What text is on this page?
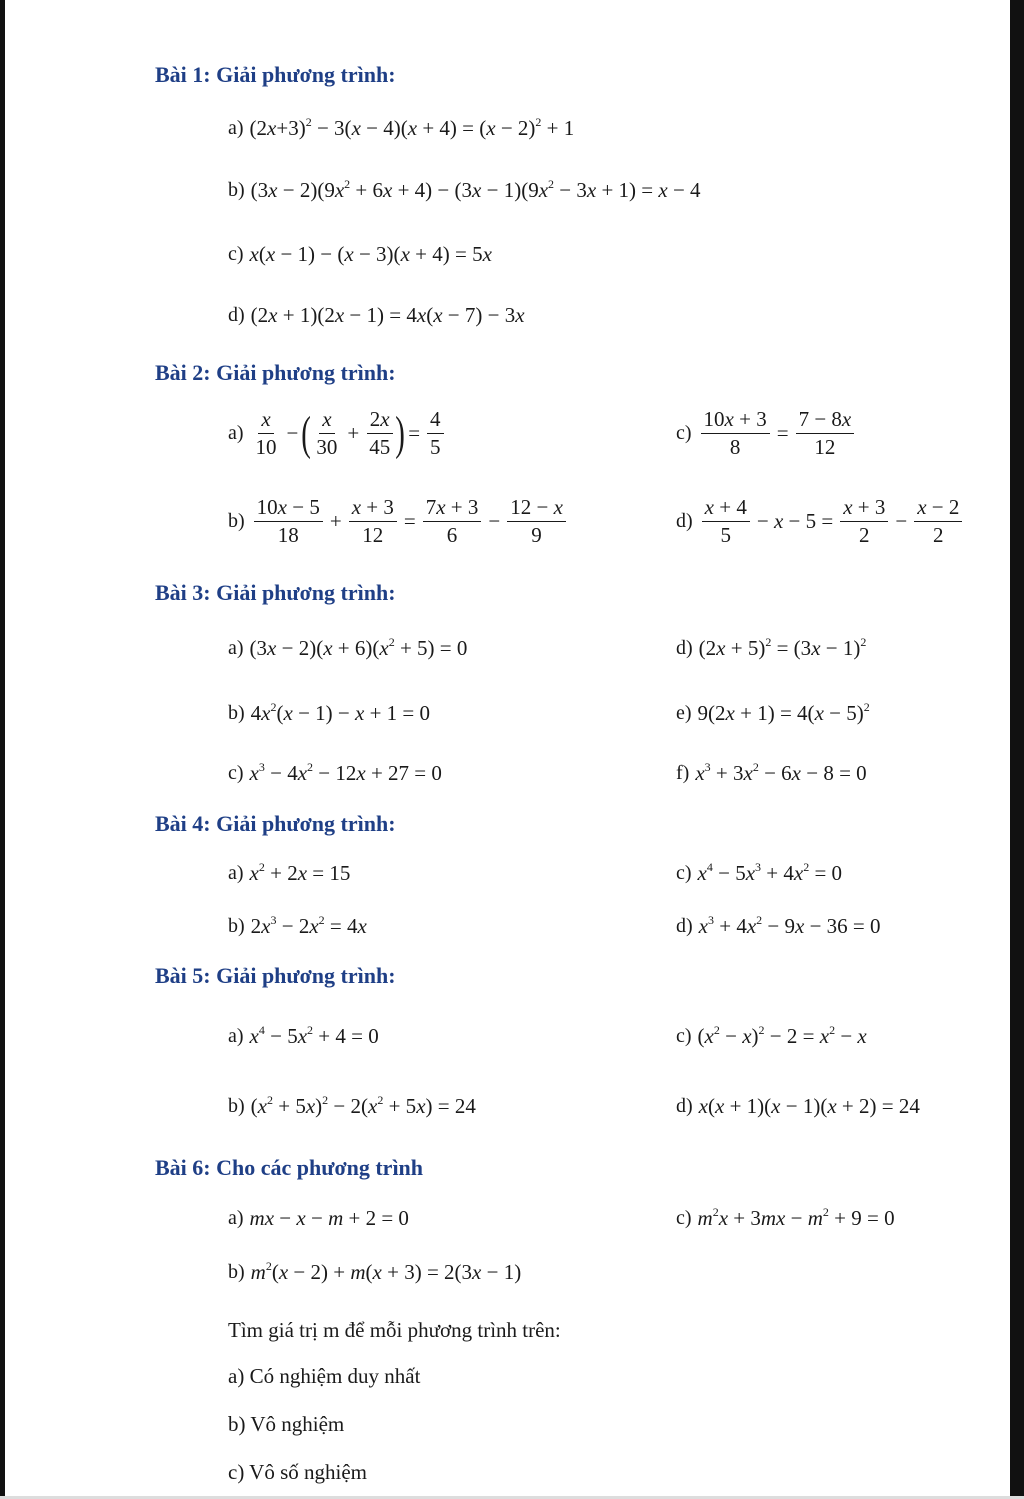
Bài 1: Giải phương trình:
a) $(2x+3)^2 - 3(x - 4)(x + 4) = (x - 2)^2 + 1$
b) $(3x - 2)(9x^2 + 6x + 4) - (3x - 1)(9x^2 - 3x + 1) = x - 4$
c) x(x − 1) − (x − 3)(x + 4) = 5x
d) (2x + 1)(2x − 1) = 4x(x − 7) − 3x
Bài 2: Giải phương trình:
$a) \frac{x}{10}$ − ( $\frac{x}{30} + \frac{2x}{45}$ ) = $\frac{4}{5}$	$c) \frac{10x + 3}{8} = \frac{7 - 8x}{12}$
$b) \frac{10x - 5}{18} + \frac{x + 3}{12} = \frac{7x + 3}{6} - \frac{12 - x}{9}$	$d) \frac{x + 4}{5} - x - 5 = \frac{x + 3}{2} - \frac{x - 2}{2}$
Bài 3: Giải phương trình:
a) $(3x - 2)(x + 6)(x^2 + 5) = 0$	d) $(2x + 5)^2 = (3x - 1)^2$
b) $4x^2(x - 1) - x + 1 = 0$	e) $9(2x + 1) = 4(x - 5)^2$
c) $x^3 - 4x^2 - 12x + 27 = 0$	f) $x^3 + 3x^2 - 6x - 8 = 0$
Bài 4: Giải phương trình:
a) $x^2 + 2x = 15$	c) $x^4 - 5x^3 + 4x^2 = 0$
b) $2x^3 - 2x^2 = 4x$	d) $x^3 + 4x^2 - 9x - 36 = 0$
Bài 5: Giải phương trình:
a) $x^4 - 5x^2 + 4 = 0$	c) $(x^2 - x)^2 - 2 = x^2 - x$
b) $(x^2 + 5x)^2 - 2(x^2 + 5x) = 24$	d) x(x + 1)(x − 1)(x + 2) = 24
Bài 6: Cho các phương trình
a) mx − x − m + 2 = 0	c) $m^2x + 3mx - m^2 + 9 = 0$
b) $m^2(x - 2) + m(x + 3) = 2(3x - 1)$
Tìm giá trị m để mỗi phương trình trên:
a) Có nghiệm duy nhất
b) Vô nghiệm
c) Vô số nghiệm
